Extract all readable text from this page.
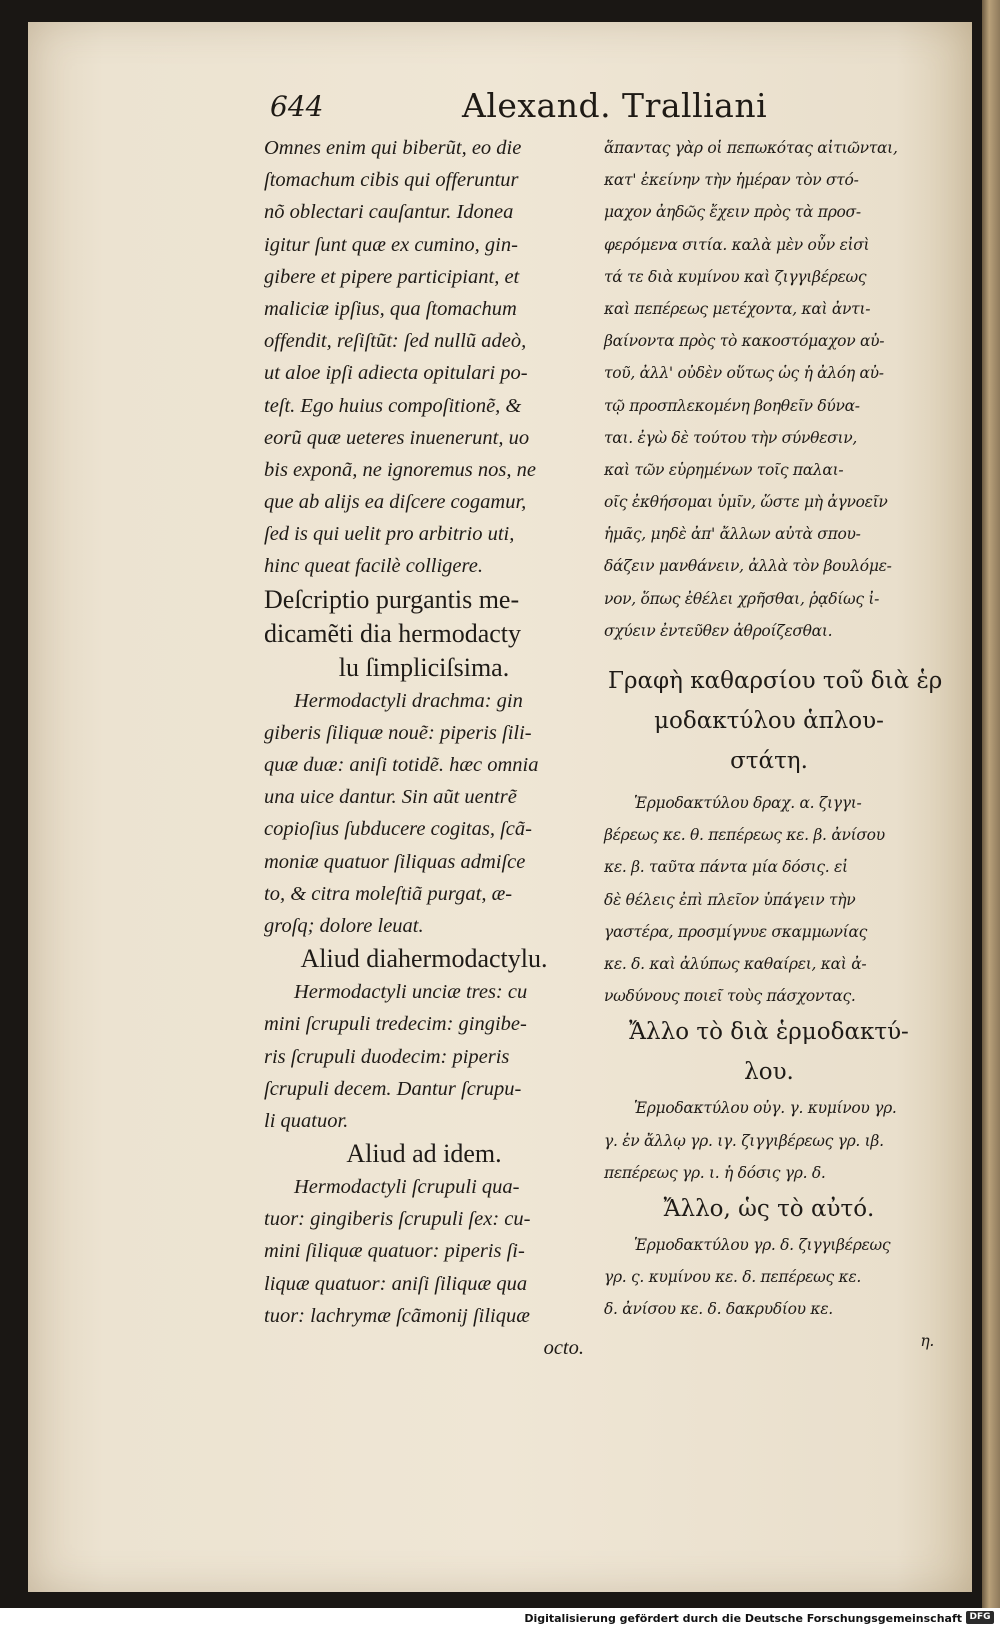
644	Alexand. Tralliani
Omnes enim qui biberũt, eo die
ſtomachum cibis qui offeruntur
nõ oblectari cauſantur. Idonea
igitur ſunt quæ ex cumino, gin-
gibere et pipere participiant, et
maliciæ ipſius, qua ſtomachum
offendit, reſiſtũt: ſed nullũ adeò,
ut aloe ipſi adiecta opitulari po-
teſt. Ego huius compoſitionẽ, &
eorũ quæ ueteres inuenerunt, uo
bis exponã, ne ignoremus nos, ne
que ab alijs ea diſcere cogamur,
ſed is qui uelit pro arbitrio uti,
hinc queat facilè colligere.
Deſcriptio purgantis me-
dicamẽti dia hermodacty
lu ſimpliciſsima.
Hermodactyli drachma: gin
giberis ſiliquæ nouẽ: piperis ſili-
quæ duæ: aniſi totidẽ. hæc omnia
una uice dantur. Sin aũt uentrẽ
copioſius ſubducere cogitas, ſcã-
moniæ quatuor ſiliquas admiſce
to, & citra moleſtiã purgat, æ-
groſq; dolore leuat.
Aliud diahermodactylu.
Hermodactyli unciæ tres: cu
mini ſcrupuli tredecim: gingibe-
ris ſcrupuli duodecim: piperis
ſcrupuli decem. Dantur ſcrupu-
li quatuor.
Aliud ad idem.
Hermodactyli ſcrupuli qua-
tuor: gingiberis ſcrupuli ſex: cu-
mini ſiliquæ quatuor: piperis ſi-
liquæ quatuor: aniſi ſiliquæ qua
tuor: lachrymæ ſcãmonij ſiliquæ
octo.
ἅπαντας γὰρ οἱ πεπωκότας αἰτιῶνται,
κατ' ἐκείνην τὴν ἡμέραν τὸν στό-
μαχον ἀηδῶς ἔχειν πρὸς τὰ προσ-
φερόμενα σιτία. καλὰ μὲν οὖν εἰσὶ
τά τε διὰ κυμίνου καὶ ζιγγιβέρεως
καὶ πεπέρεως μετέχοντα, καὶ ἀντι-
βαίνοντα πρὸς τὸ κακοστόμαχον αὐ-
τοῦ, ἀλλ' οὐδὲν οὕτως ὡς ἡ ἀλόη αὐ-
τῷ προσπλεκομένη βοηθεῖν δύνα-
ται. ἐγὼ δὲ τούτου τὴν σύνθεσιν,
καὶ τῶν εὑρημένων τοῖς παλαι-
οῖς ἐκθήσομαι ὑμῖν, ὥστε μὴ ἀγνοεῖν
ἡμᾶς, μηδὲ ἀπ' ἄλλων αὐτὰ σπου-
δάζειν μανθάνειν, ἀλλὰ τὸν βουλόμε-
νον, ὅπως ἐθέλει χρῆσθαι, ῥᾳδίως ἰ-
σχύειν ἐντεῦθεν ἀθροίζεσθαι.
Γραφὴ καθαρσίου τοῦ διὰ ἑρ
μοδακτύλου ἁπλου-
στάτη.
Ἑρμοδακτύλου δραχ. α. ζιγγι-
βέρεως κε. θ. πεπέρεως κε. β. ἀνίσου
κε. β. ταῦτα πάντα μία δόσις. εἰ
δὲ θέλεις ἐπὶ πλεῖον ὑπάγειν τὴν
γαστέρα, προσμίγνυε σκαμμωνίας
κε. δ. καὶ ἀλύπως καθαίρει, καὶ ἀ-
νωδύνους ποιεῖ τοὺς πάσχοντας.
Ἄλλο τὸ διὰ ἑρμοδακτύ-
λου.
Ἑρμοδακτύλου οὐγ. γ. κυμίνου γρ.
γ. ἐν ἄλλῳ γρ. ιγ. ζιγγιβέρεως γρ. ιβ.
πεπέρεως γρ. ι. ἡ δόσις γρ. δ.
Ἄλλο, ὡς τὸ αὐτό.
Ἑρμοδακτύλου γρ. δ. ζιγγιβέρεως
γρ. ς. κυμίνου κε. δ. πεπέρεως κε.
δ. ἀνίσου κε. δ. δακρυδίου κε.
η.
Digitalisierung gefördert durch die Deutsche Forschungsgemeinschaft DFG
